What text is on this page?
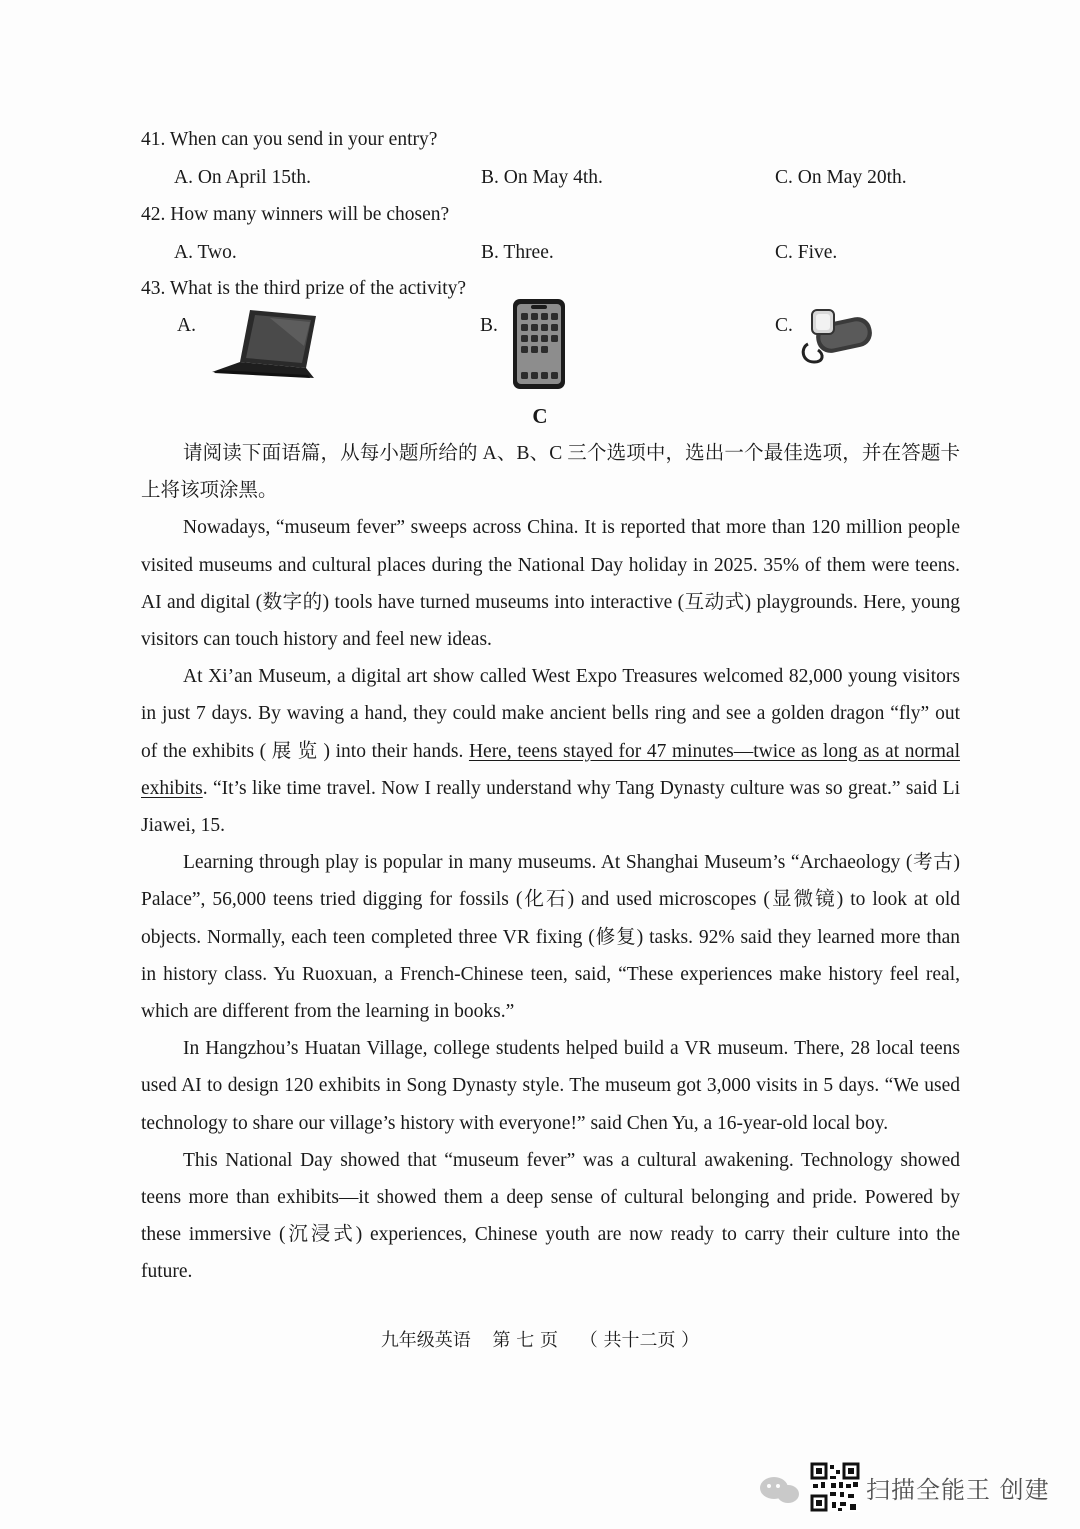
41. When can you send in your entry?
A. On April 15th.	B. On May 4th.	C. On May 20th.
42. How many winners will be chosen?
A. Two.	B. Three.	C. Five.
43. What is the third prize of the activity?
A.	B.	C.
C

请阅读下面语篇，从每小题所给的 A、B、C 三个选项中，选出一个最佳选项，并在答题卡上将该项涂黑。

Nowadays, “museum fever” sweeps across China. It is reported that more than 120 million people visited museums and cultural places during the National Day holiday in 2025. 35% of them were teens. AI and digital (数字的) tools have turned museums into interactive (互动式) playgrounds. Here, young visitors can touch history and feel new ideas.

At Xi’an Museum, a digital art show called West Expo Treasures welcomed 82,000 young visitors in just 7 days. By waving a hand, they could make ancient bells ring and see a golden dragon “fly” out of the exhibits ( 展 览 ) into their hands. Here, teens stayed for 47 minutes—twice as long as at normal exhibits. “It’s like time travel. Now I really understand why Tang Dynasty culture was so great.” said Li Jiawei, 15.

Learning through play is popular in many museums. At Shanghai Museum’s “Archaeology (考古) Palace”, 56,000 teens tried digging for fossils (化石) and used microscopes (显微镜) to look at old objects. Normally, each teen completed three VR fixing (修复) tasks. 92% said they learned more than in history class. Yu Ruoxuan, a French-Chinese teen, said, “These experiences make history feel real, which are different from the learning in books.”

In Hangzhou’s Huatan Village, college students helped build a VR museum. There, 28 local teens used AI to design 120 exhibits in Song Dynasty style. The museum got 3,000 visits in 5 days. “We used technology to share our village’s history with everyone!” said Chen Yu, a 16-year-old local boy.

This National Day showed that “museum fever” was a cultural awakening. Technology showed teens more than exhibits—it showed them a deep sense of cultural belonging and pride. Powered by these immersive (沉浸式) experiences, Chinese youth are now ready to carry their culture into the future.

九年级英语 第 七 页 （ 共十二页 ）
扫描全能王 创建
